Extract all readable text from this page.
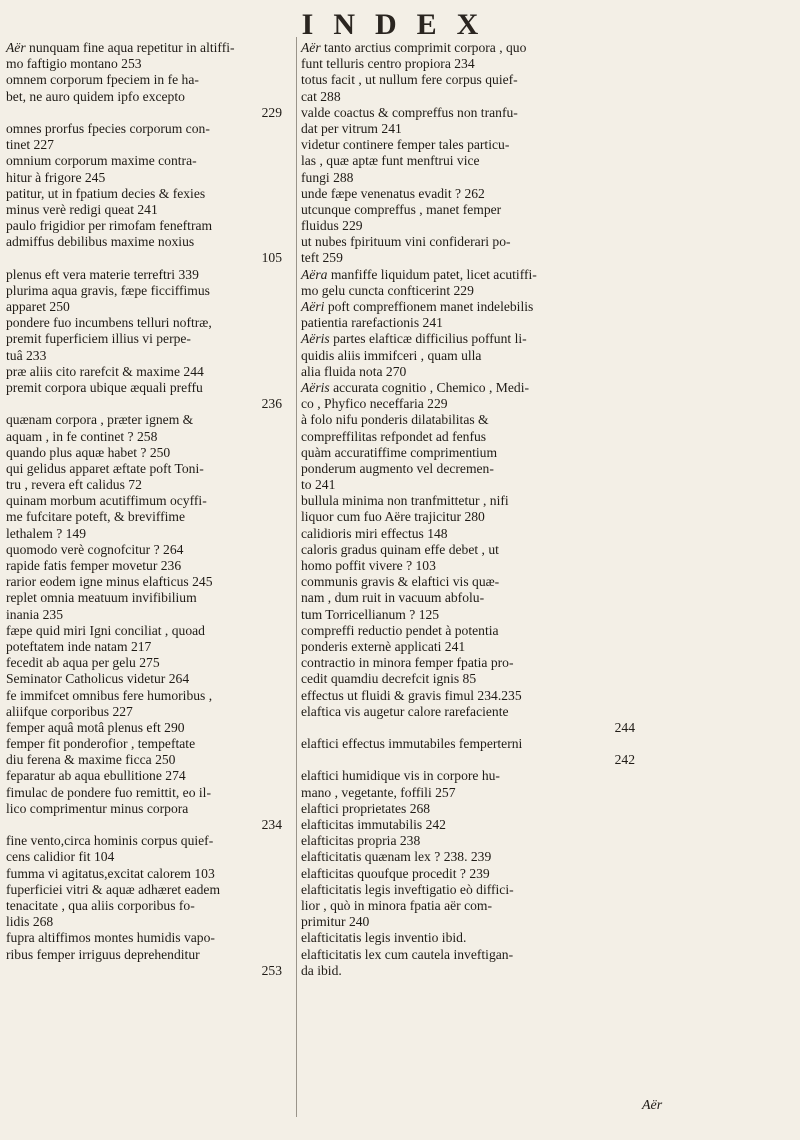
INDEX
Aër nunquam fine aqua repetitur in altiffi-
mo faftigio montano 253
omnem corporum fpeciem in fe ha-
bet, ne auro quidem ipfo excepto
229
omnes prorfus fpecies corporum con-
tinet 227
omnium corporum maxime contra-
hitur à frigore 245
patitur, ut in fpatium decies & fexies
minus verè redigi queat 241
paulo frigidior per rimofam feneftram
admiffus debilibus maxime noxius
105
plenus eft vera materie terreftri 339
plurima aqua gravis, fæpe ficciffimus
apparet 250
pondere fuo incumbens telluri noftræ,
premit fuperficiem illius vi perpe-
tuâ 233
præ aliis cito rarefcit & maxime 244
premit corpora ubique æquali preffu
236
quænam corpora , præter ignem &
aquam , in fe continet ? 258
quando plus aquæ habet ? 250
qui gelidus apparet æftate poft Toni-
tru , revera eft calidus 72
quinam morbum acutiffimum ocyffi-
me fufcitare poteft, & breviffime
lethalem ? 149
quomodo verè cognofcitur ? 264
rapide fatis femper movetur 236
rarior eodem igne minus elafticus 245
replet omnia meatuum invifibilium
inania 235
fæpe quid miri Igni conciliat , quoad
poteftatem inde natam 217
fecedit ab aqua per gelu 275
Seminator Catholicus videtur 264
fe immifcet omnibus fere humoribus ,
aliifque corporibus 227
femper aquâ motâ plenus eft 290
femper fit ponderofior , tempeftate
diu ferena & maxime ficca 250
feparatur ab aqua ebullitione 274
fimulac de pondere fuo remittit, eo il-
lico comprimentur minus corpora
234
fine vento,circa hominis corpus quief-
cens calidior fit 104
fumma vi agitatus,excitat calorem 103
fuperficiei vitri & aquæ adhæret eadem
tenacitate , qua aliis corporibus fo-
lidis 268
fupra altiffimos montes humidis vapo-
ribus femper irriguus deprehenditur
253
Aër tanto arctius comprimit corpora , quo
funt telluris centro propiora 234
totus facit , ut nullum fere corpus quief-
cat 288
valde coactus & compreffus non tranfu-
dat per vitrum 241
videtur continere femper tales particu-
las , quæ aptæ funt menftrui vice
fungi 288
unde fæpe venenatus evadit ? 262
utcunque compreffus , manet femper
fluidus 229
ut nubes fpirituum vini confiderari po-
teft 259
Aëra manfiffe liquidum patet, licet acutiffi-
mo gelu cuncta confticerint 229
Aëri poft compreffionem manet indelebilis
patientia rarefactionis 241
Aëris partes elafticæ difficilius poffunt li-
quidis aliis immifceri , quam ulla
alia fluida nota 270
Aëris accurata cognitio , Chemico , Medi-
co , Phyfico neceffaria 229
à folo nifu ponderis dilatabilitas &
compreffilitas refpondet ad fenfus
quàm accuratiffime comprimentium
ponderum augmento vel decremen-
to 241
bullula minima non tranfmittetur , nifi
liquor cum fuo Aëre trajicitur 280
calidioris miri effectus 148
caloris gradus quinam effe debet , ut
homo poffit vivere ? 103
communis gravis & elaftici vis quæ-
nam , dum ruit in vacuum abfolu-
tum Torricellianum ? 125
compreffi reductio pendet à potentia
ponderis externè applicati 241
contractio in minora femper fpatia pro-
cedit quamdiu decrefcit ignis 85
effectus ut fluidi & gravis fimul 234.235
elaftica vis augetur calore rarefaciente
244
elaftici effectus immutabiles femperterni
242
elaftici humidique vis in corpore hu-
mano , vegetante, foffili 257
elaftici proprietates 268
elafticitas immutabilis 242
elafticitas propria 238
elafticitatis quænam lex ? 238. 239
elafticitas quoufque procedit ? 239
elafticitatis legis inveftigatio eò diffici-
lior , quò in minora fpatia aër com-
primitur 240
elafticitatis legis inventio ibid.
elafticitatis lex cum cautela inveftigan-
da ibid.
Aër
